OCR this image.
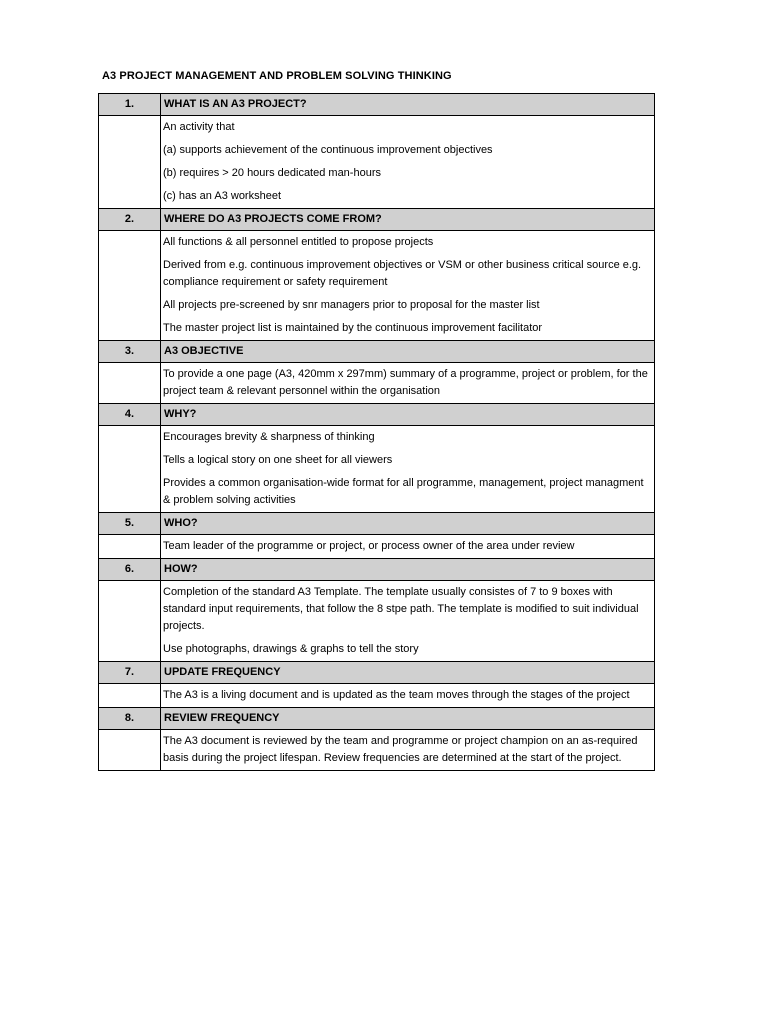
A3 PROJECT MANAGEMENT AND PROBLEM SOLVING THINKING
1.	WHAT IS AN A3 PROJECT?

	An activity that
(a) supports achievement of the continuous improvement objectives
(b) requires > 20 hours dedicated man-hours
(c) has an A3 worksheet

2.	WHERE DO A3 PROJECTS COME FROM?

	All functions & all personnel entitled to propose projects
Derived from e.g. continuous improvement objectives or VSM or other business critical source e.g. compliance requirement or safety requirement
All projects pre-screened by snr managers prior to proposal for the master list
The master project list is maintained by the continuous improvement facilitator

3.	A3 OBJECTIVE

	To provide a one page (A3, 420mm x 297mm) summary of a programme, project or problem, for the project team & relevant personnel within the organisation

4.	WHY?

	Encourages brevity & sharpness of thinking
Tells a logical story on one sheet for all viewers
Provides a common organisation-wide format for all programme, management, project managment & problem solving activities

5.	WHO?

	Team leader of the programme or project, or process owner of the area under review

6.	HOW?

	Completion of the standard A3 Template. The template usually consistes of 7 to 9 boxes with standard input requirements, that follow the 8 stpe path. The template is modified to suit individual projects.
Use photographs, drawings & graphs to tell the story

7.	UPDATE FREQUENCY

	The A3 is a living document and is updated as the team moves through the stages of the project

8.	REVIEW FREQUENCY

	The A3 document is reviewed by the team and programme or project champion on an as-required basis during the project lifespan. Review frequencies are determined at the start of the project.
